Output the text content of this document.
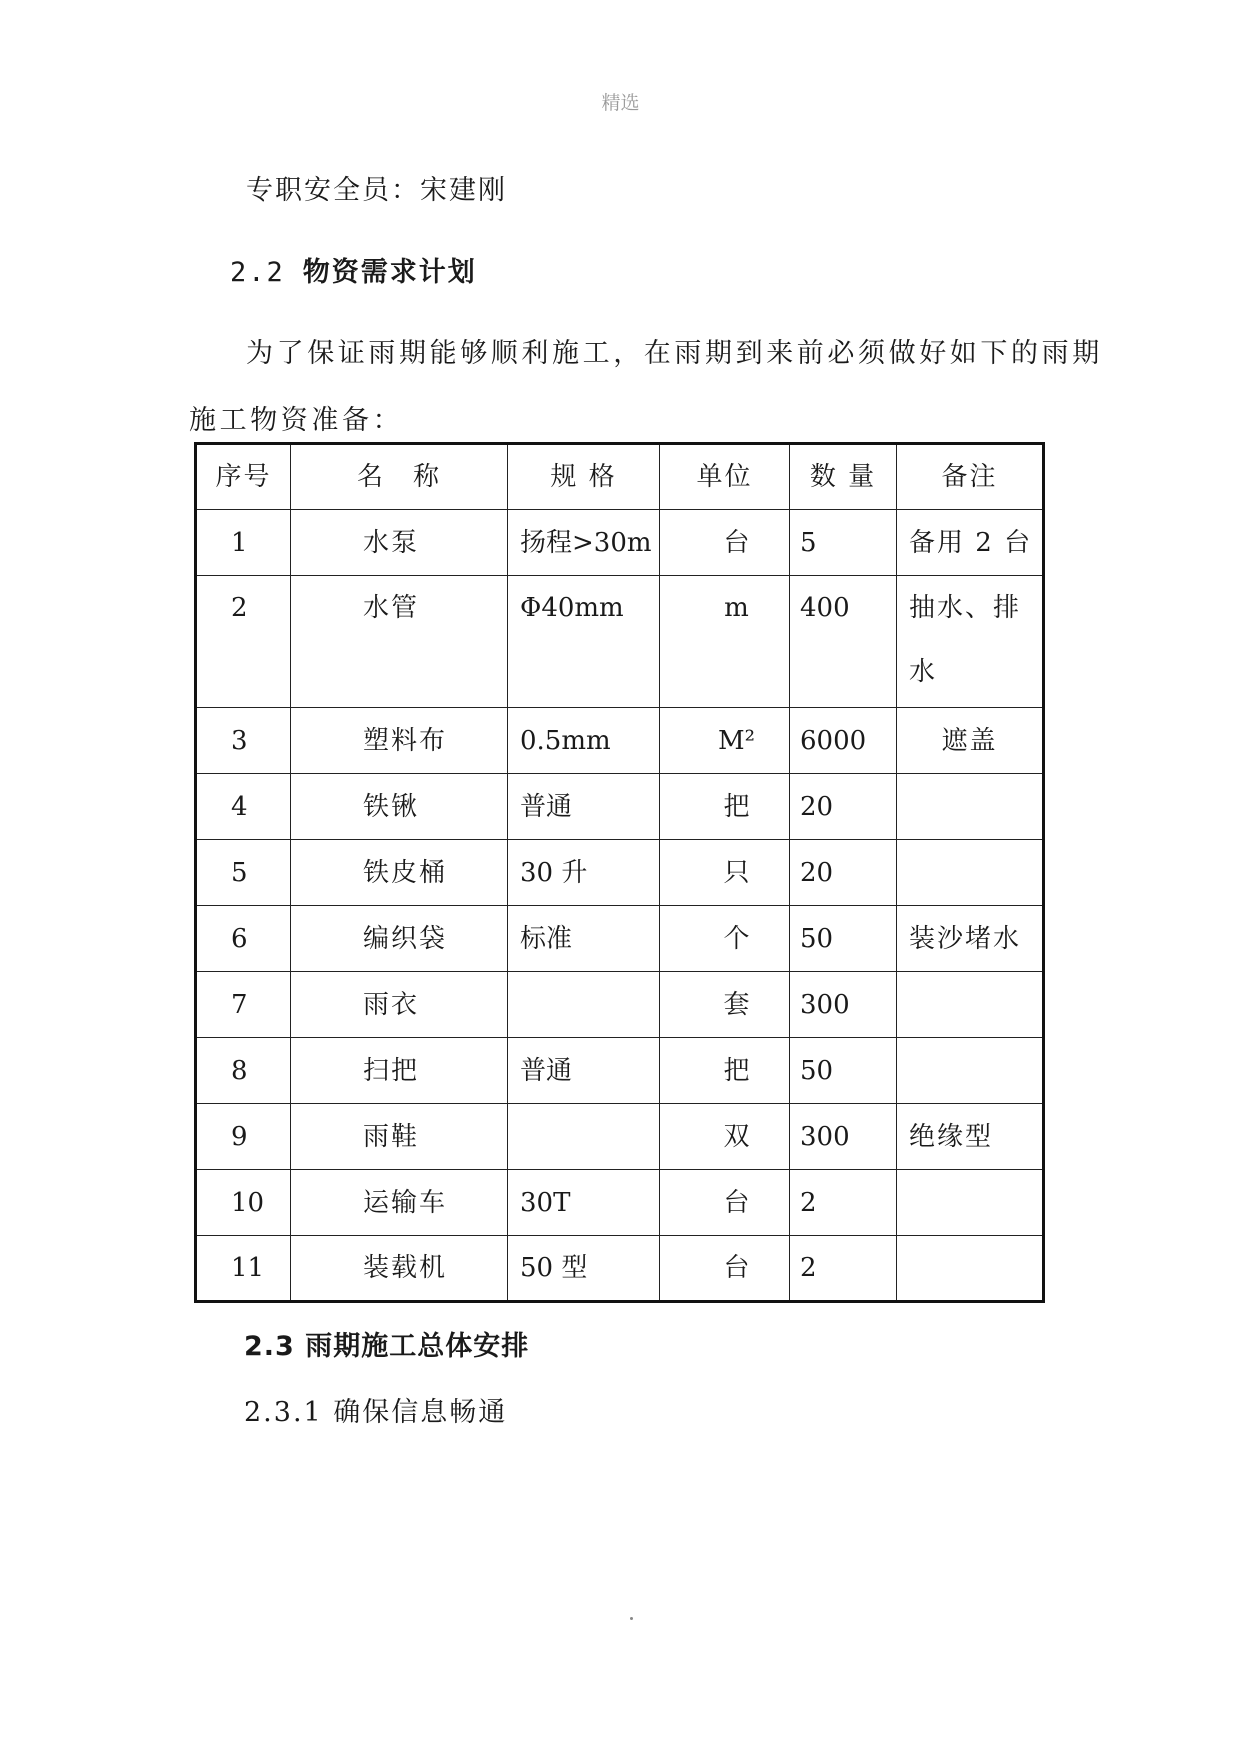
精选
专职安全员：宋建刚
2.2 物资需求计划
为了保证雨期能够顺利施工，在雨期到来前必须做好如下的雨期
施工物资准备：
序号	名　称	规 格	单位	数 量	备注
1	水泵	扬程>30m	台	5	备用 2 台
2	水管	Φ40mm	m	400	抽水、排水
3	塑料布	0.5mm	M²	6000	遮盖
4	铁锹	普通	把	20	
5	铁皮桶	30 升	只	20	
6	编织袋	标准	个	50	装沙堵水
7	雨衣		套	300	
8	扫把	普通	把	50	
9	雨鞋		双	300	绝缘型
10	运输车	30T	台	2	
11	装载机	50 型	台	2	
2.3 雨期施工总体安排
2.3.1 确保信息畅通
